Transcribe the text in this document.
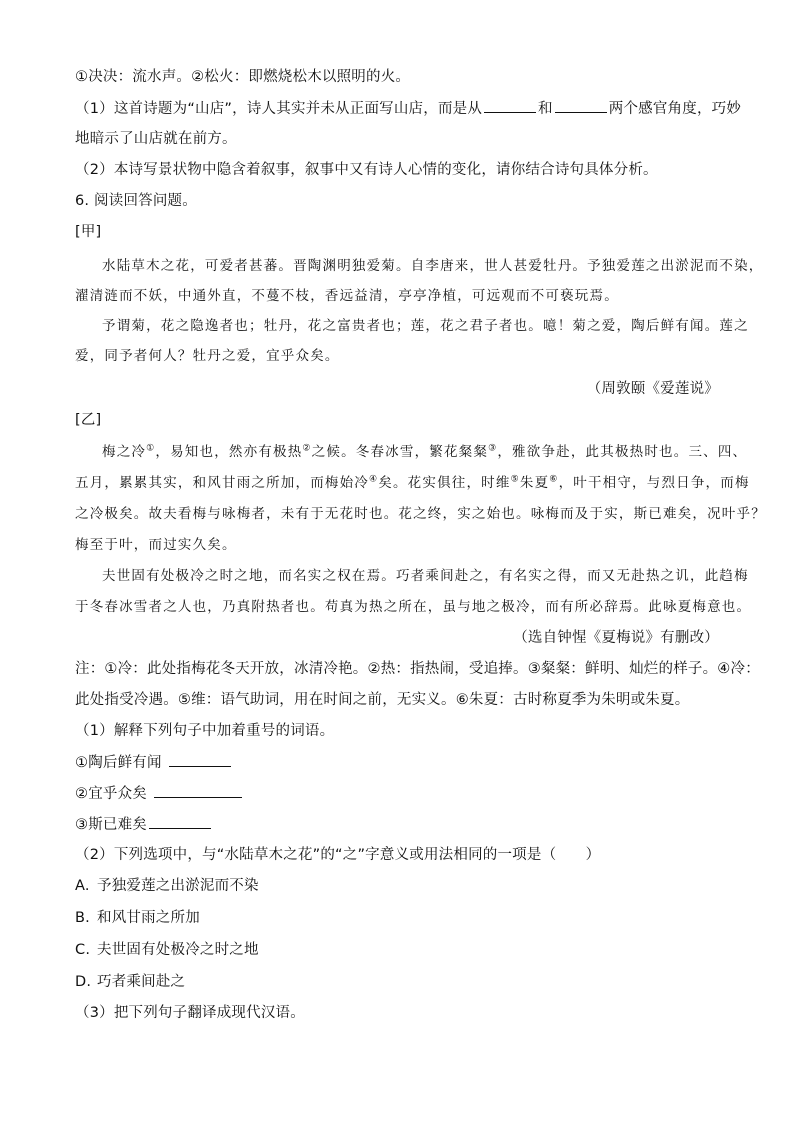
①决决：流水声。②松火：即燃烧松木以照明的火。
（1）这首诗题为“山店”，诗人其实并未从正面写山店，而是从	和	两个感官角度，巧妙
地暗示了山店就在前方。
（2）本诗写景状物中隐含着叙事，叙事中又有诗人心情的变化，请你结合诗句具体分析。
6. 阅读回答问题。
[甲]
水陆草木之花，可爱者甚蕃。晋陶渊明独爱菊。自李唐来，世人甚爱牡丹。予独爱莲之出淤泥而不染，
濯清涟而不妖，中通外直，不蔓不枝，香远益清，亭亭净植，可远观而不可亵玩焉。
予谓菊，花之隐逸者也；牡丹，花之富贵者也；莲，花之君子者也。噫！菊之爱，陶后鲜有闻。莲之
爱，同予者何人？牡丹之爱，宜乎众矣。
（周敦颐《爱莲说》
[乙]
梅之冷①，易知也，然亦有极热②之候。冬春冰雪，繁花粲粲③，雅欲争赴，此其极热时也。三、四、
五月，累累其实，和风甘雨之所加，而梅始冷④矣。花实俱往，时维⑤朱夏⑥，叶干相守，与烈日争，而梅
之冷极矣。故夫看梅与咏梅者，未有于无花时也。花之终，实之始也。咏梅而及于实，斯已难矣，况叶乎？
梅至于叶，而过实久矣。
夫世固有处极冷之时之地，而名实之权在焉。巧者乘间赴之，有名实之得，而又无赴热之讥，此趋梅
于冬春冰雪者之人也，乃真附热者也。苟真为热之所在，虽与地之极冷，而有所必辞焉。此咏夏梅意也。
（选自钟惺《夏梅说》有删改）
注：①冷：此处指梅花冬天开放，冰清冷艳。②热：指热闹，受追捧。③粲粲：鲜明、灿烂的样子。④冷：
此处指受冷遇。⑤维：语气助词，用在时间之前，无实义。⑥朱夏：古时称夏季为朱明或朱夏。
（1）解释下列句子中加着重号的词语。
①陶后鲜有闻
②宜乎众矣
③斯已难矣
（2）下列选项中，与“水陆草木之花”的“之”字意义或用法相同的一项是（　　）
A. 予独爱莲之出淤泥而不染
B. 和风甘雨之所加
C. 夫世固有处极冷之时之地
D. 巧者乘间赴之
（3）把下列句子翻译成现代汉语。
